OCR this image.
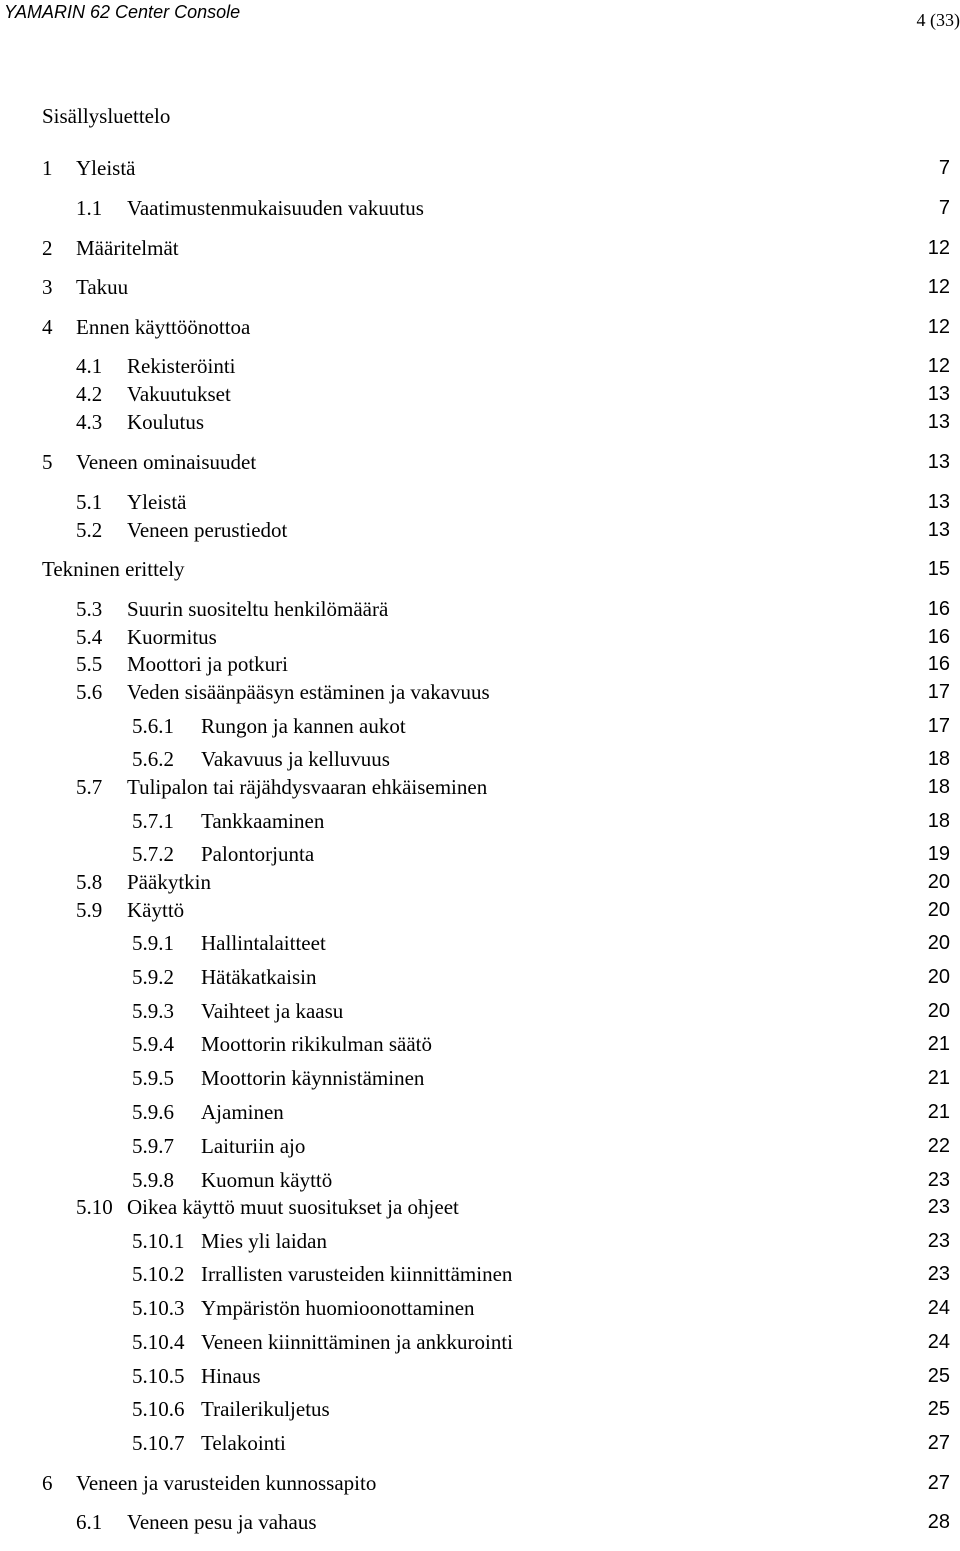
YAMARIN 62 Center Console	4 (33)
Sisällysluettelo
1 Yleistä	7
1.1 Vaatimustenmukaisuuden vakuutus	7
2 Määritelmät	12
3 Takuu	12
4 Ennen käyttöönottoa	12
4.1 Rekisteröinti	12
4.2 Vakuutukset	13
4.3 Koulutus	13
5 Veneen ominaisuudet	13
5.1 Yleistä	13
5.2 Veneen perustiedot	13
Tekninen erittely	15
5.3 Suurin suositeltu henkilömäärä	16
5.4 Kuormitus	16
5.5 Moottori ja potkuri	16
5.6 Veden sisäänpääsyn estäminen ja vakavuus	17
5.6.1 Rungon ja kannen aukot	17
5.6.2 Vakavuus ja kelluvuus	18
5.7 Tulipalon tai räjähdysvaaran ehkäiseminen	18
5.7.1 Tankkaaminen	18
5.7.2 Palontorjunta	19
5.8 Pääkytkin	20
5.9 Käyttö	20
5.9.1 Hallintalaitteet	20
5.9.2 Hätäkatkaisin	20
5.9.3 Vaihteet ja kaasu	20
5.9.4 Moottorin rikikulman säätö	21
5.9.5 Moottorin käynnistäminen	21
5.9.6 Ajaminen	21
5.9.7 Laituriin ajo	22
5.9.8 Kuomun käyttö	23
5.10 Oikea käyttö muut suositukset ja ohjeet	23
5.10.1 Mies yli laidan	23
5.10.2 Irrallisten varusteiden kiinnittäminen	23
5.10.3 Ympäristön huomioonottaminen	24
5.10.4 Veneen kiinnittäminen ja ankkurointi	24
5.10.5 Hinaus	25
5.10.6 Trailerikuljetus	25
5.10.7 Telakointi	27
6 Veneen ja varusteiden kunnossapito	27
6.1 Veneen pesu ja vahaus	28
